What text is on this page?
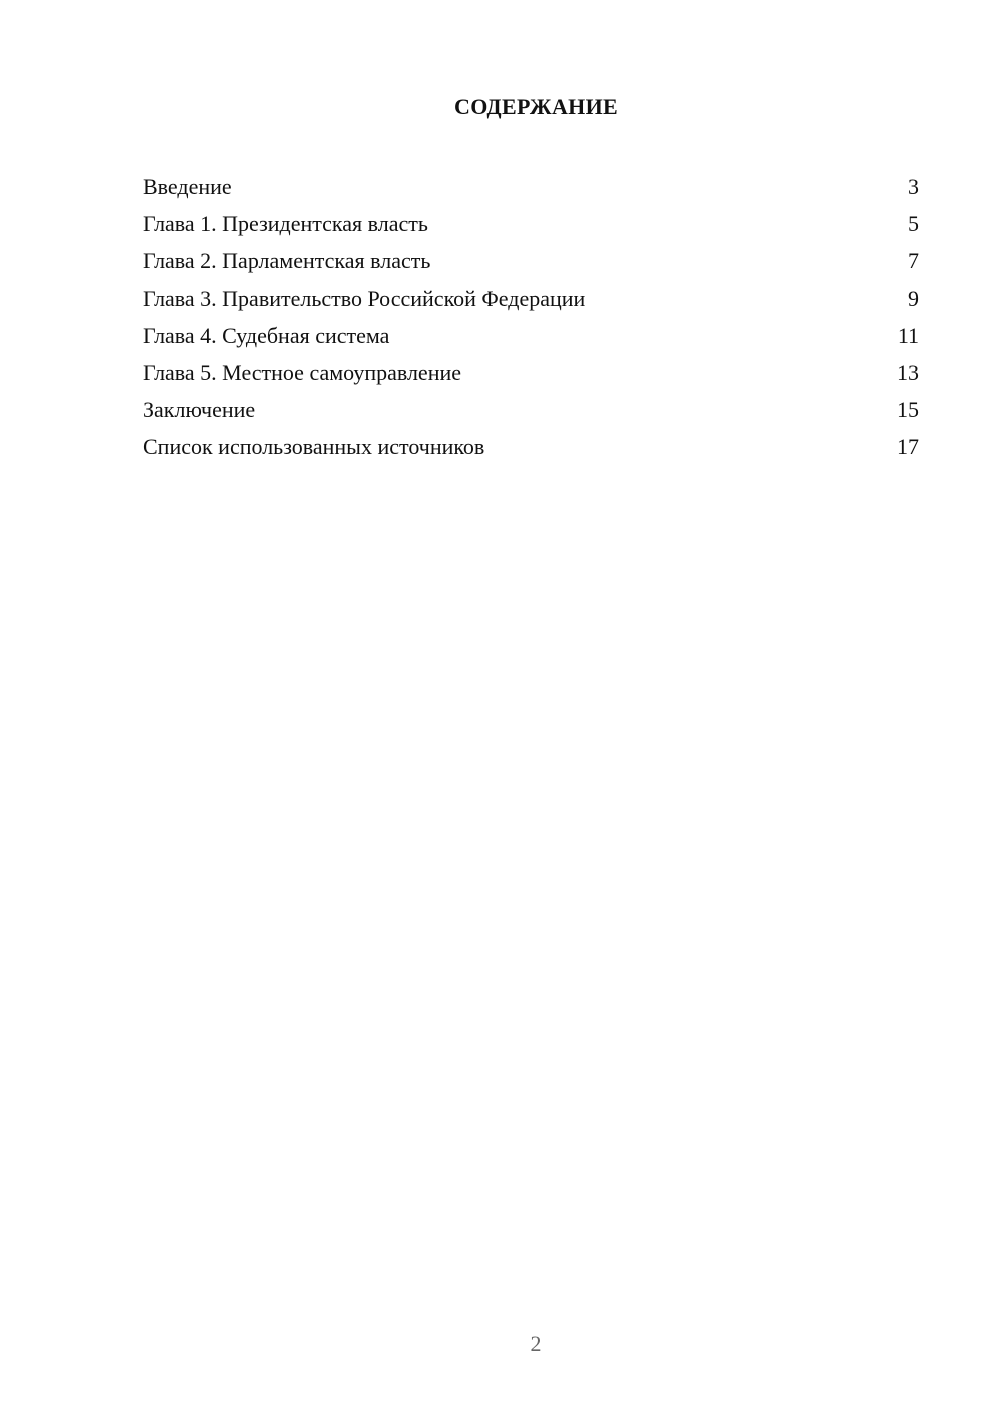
СОДЕРЖАНИЕ
Введение	3
Глава 1. Президентская власть	5
Глава 2. Парламентская власть	7
Глава 3. Правительство Российской Федерации	9
Глава 4. Судебная система	11
Глава 5. Местное самоуправление	13
Заключение	15
Список использованных источников	17
2
